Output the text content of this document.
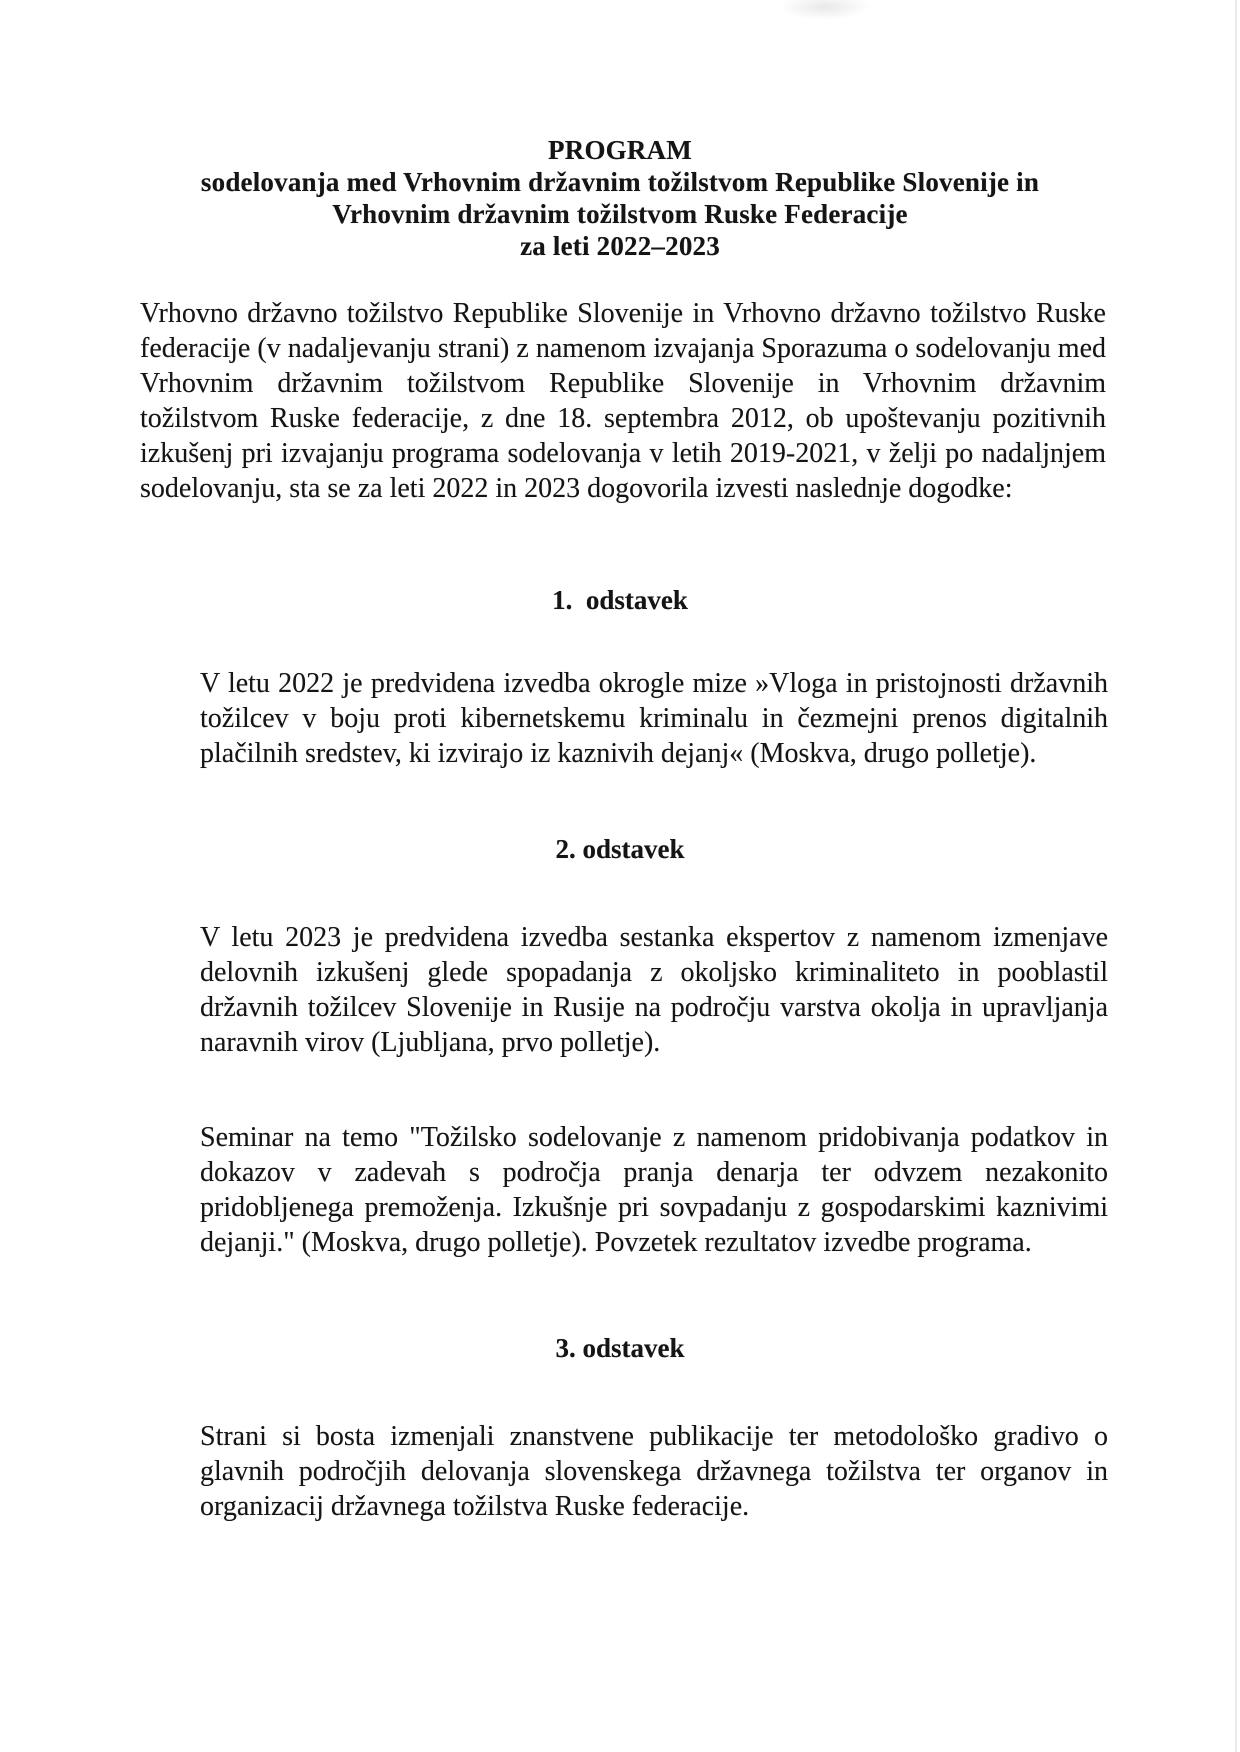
PROGRAM
sodelovanja med Vrhovnim državnim tožilstvom Republike Slovenije in
Vrhovnim državnim tožilstvom Ruske Federacije
za leti 2022–2023

Vrhovno državno tožilstvo Republike Slovenije in Vrhovno državno tožilstvo Ruske federacije (v nadaljevanju strani) z namenom izvajanja Sporazuma o sodelovanju med Vrhovnim državnim tožilstvom Republike Slovenije in Vrhovnim državnim tožilstvom Ruske federacije, z dne 18. septembra 2012, ob upoštevanju pozitivnih izkušenj pri izvajanju programa sodelovanja v letih 2019-2021, v želji po nadaljnjem sodelovanju, sta se za leti 2022 in 2023 dogovorila izvesti naslednje dogodke:

1.  odstavek

V letu 2022 je predvidena izvedba okrogle mize »Vloga in pristojnosti državnih tožilcev v boju proti kibernetskemu kriminalu in čezmejni prenos digitalnih plačilnih sredstev, ki izvirajo iz kaznivih dejanj« (Moskva, drugo polletje).

2. odstavek

V letu 2023 je predvidena izvedba sestanka ekspertov z namenom izmenjave delovnih izkušenj glede spopadanja z okoljsko kriminaliteto in pooblastil državnih tožilcev Slovenije in Rusije na področju varstva okolja in upravljanja naravnih virov (Ljubljana, prvo polletje).

Seminar na temo "Tožilsko sodelovanje z namenom pridobivanja podatkov in dokazov v zadevah s področja pranja denarja ter odvzem nezakonito pridobljenega premoženja. Izkušnje pri sovpadanju z gospodarskimi kaznivimi dejanji." (Moskva, drugo polletje). Povzetek rezultatov izvedbe programa.

3. odstavek

Strani si bosta izmenjali znanstvene publikacije ter metodološko gradivo o glavnih področjih delovanja slovenskega državnega tožilstva ter organov in organizacij državnega tožilstva Ruske federacije.
